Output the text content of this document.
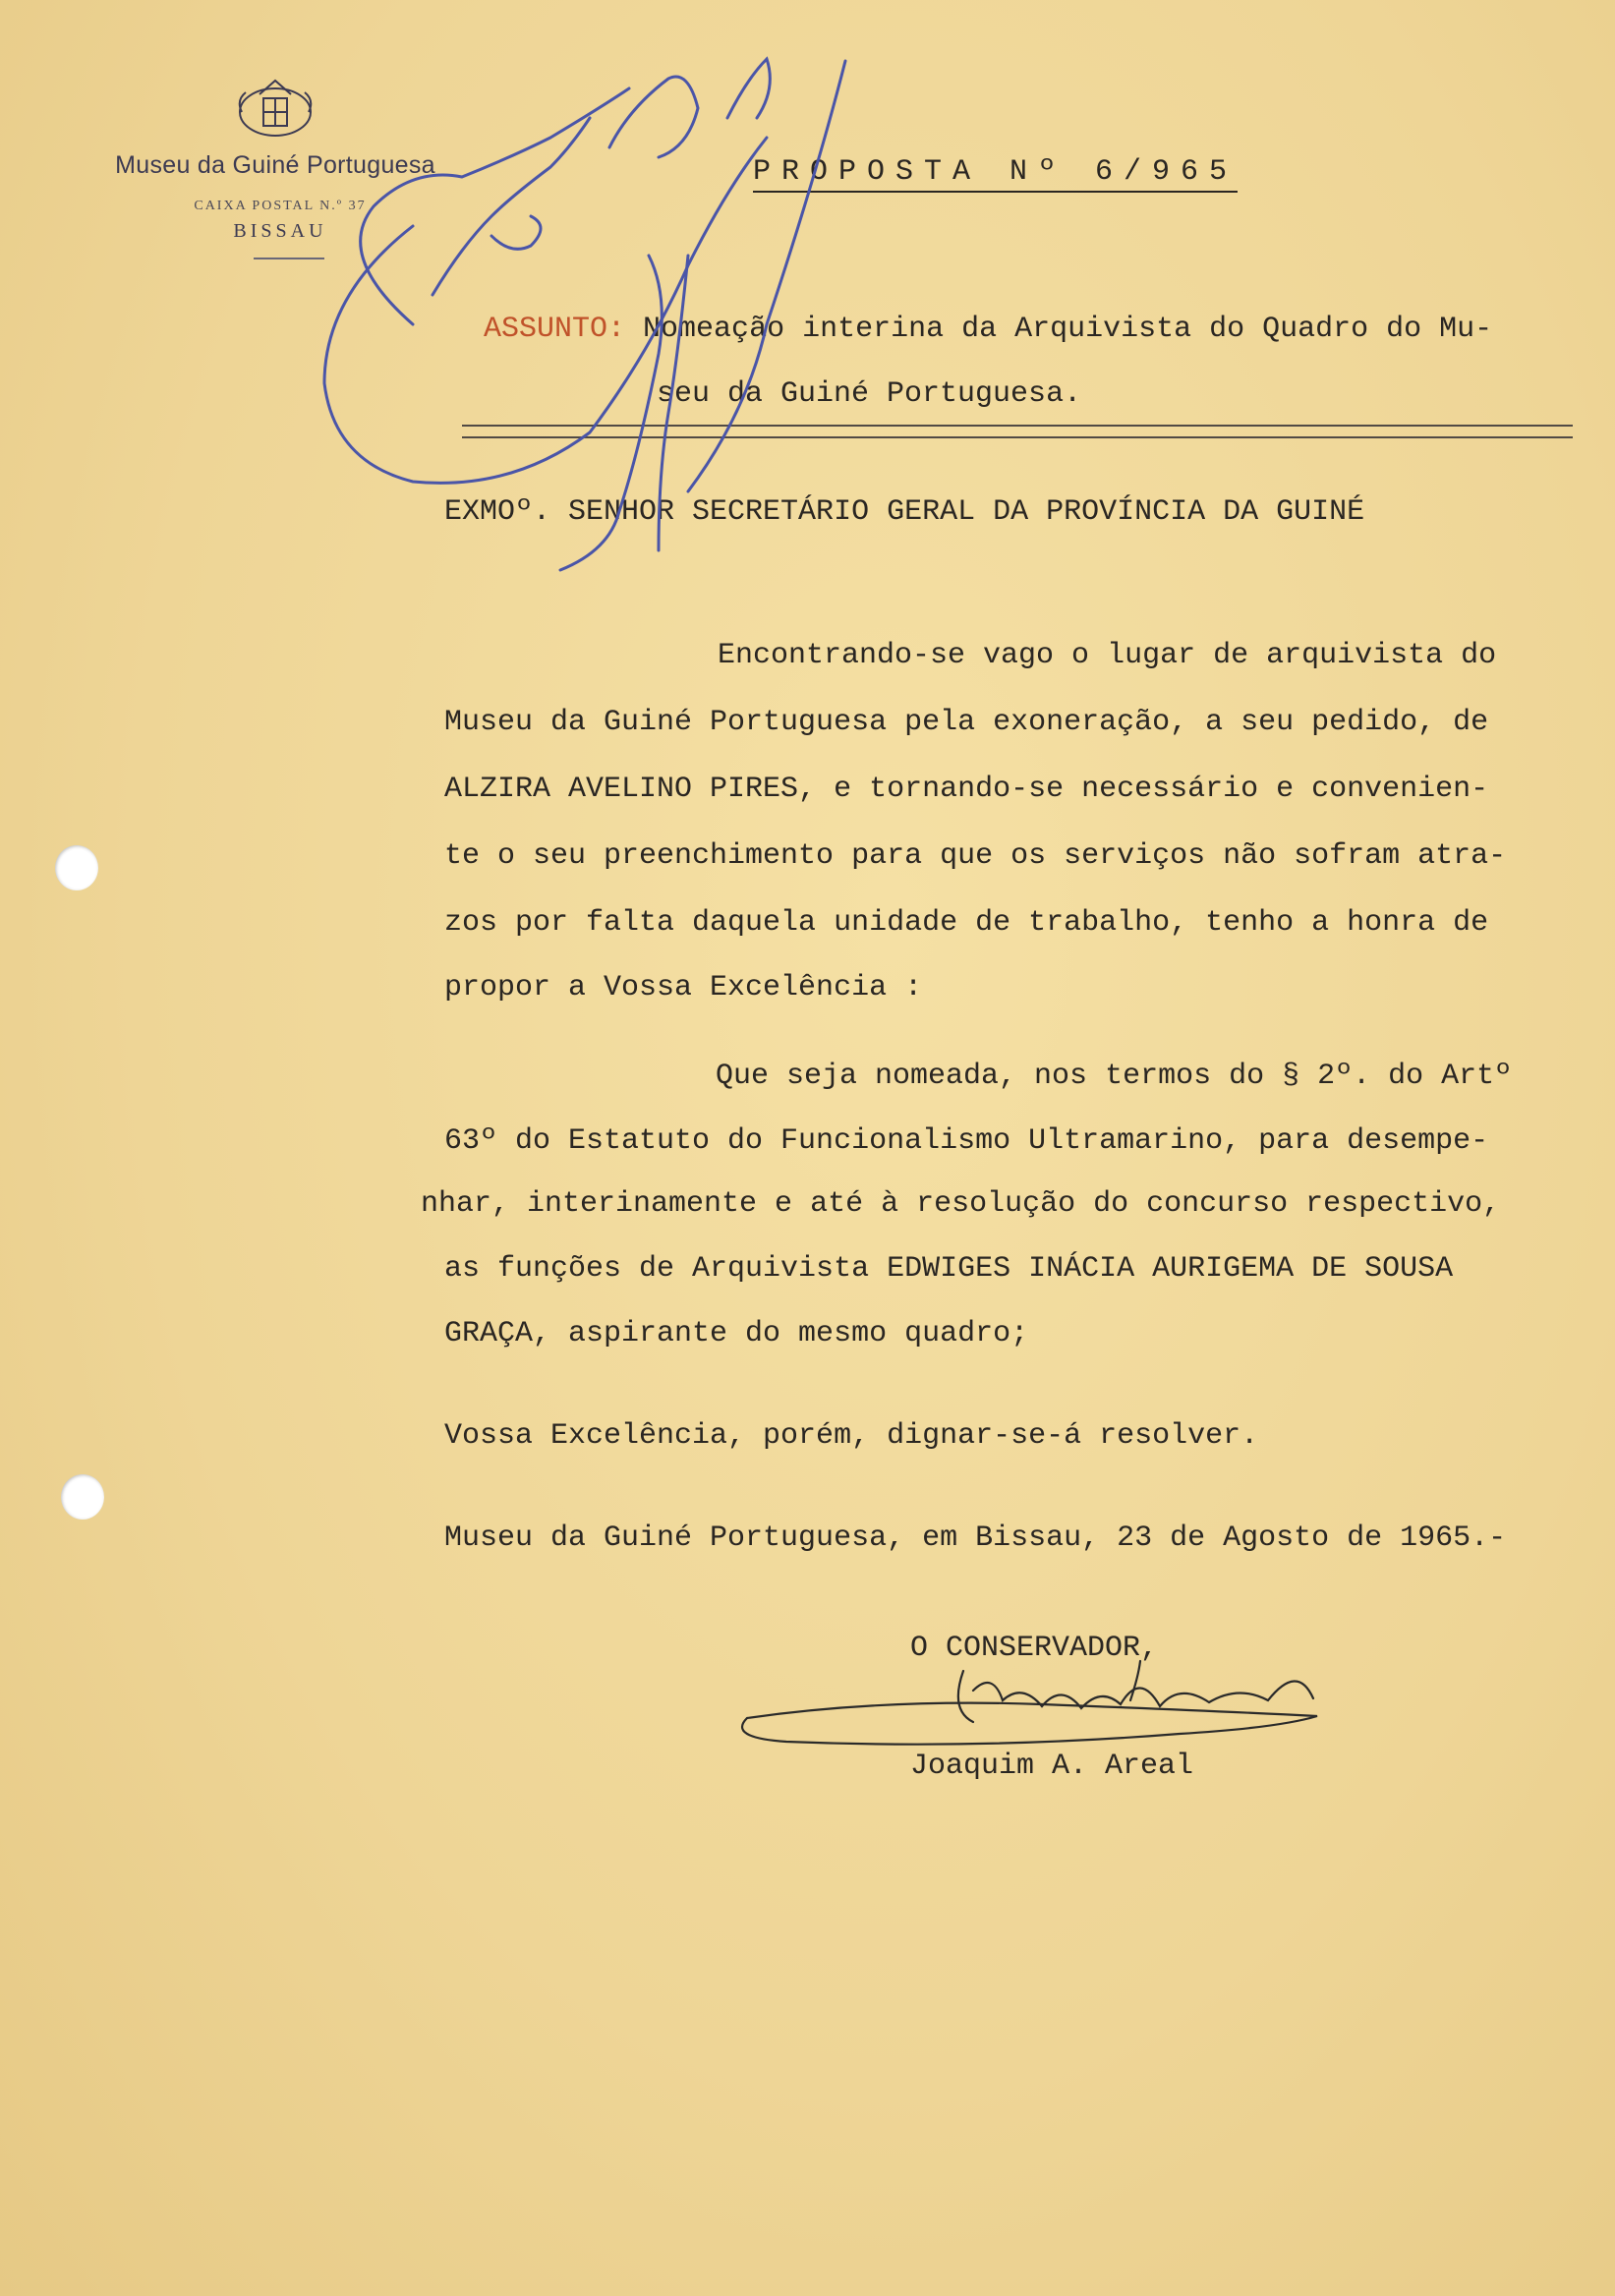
Museu da Guiné Portuguesa
CAIXA POSTAL N.º 37
BISSAU
PROPOSTA Nº 6/965
ASSUNTO: Nomeação interina da Arquivista do Quadro do Mu-
seu da Guiné Portuguesa.
EXMOº. SENHOR SECRETÁRIO GERAL DA PROVÍNCIA DA GUINÉ
Encontrando-se vago o lugar de arquivista do
Museu da Guiné Portuguesa pela exoneração, a seu pedido, de
ALZIRA AVELINO PIRES, e tornando-se necessário e convenien-
te o seu preenchimento para que os serviços não sofram atra-
zos por falta daquela unidade de trabalho, tenho a honra de
propor a Vossa Excelência :
Que seja nomeada, nos termos do § 2º. do Artº
63º do Estatuto do Funcionalismo Ultramarino, para desempe-
nhar, interinamente e até à resolução do concurso respectivo,
as funções de Arquivista EDWIGES INÁCIA AURIGEMA DE SOUSA
GRAÇA, aspirante do mesmo quadro;
Vossa Excelência, porém, dignar-se-á resolver.
Museu da Guiné Portuguesa, em Bissau, 23 de Agosto de 1965.-
O CONSERVADOR,
Joaquim A. Areal
